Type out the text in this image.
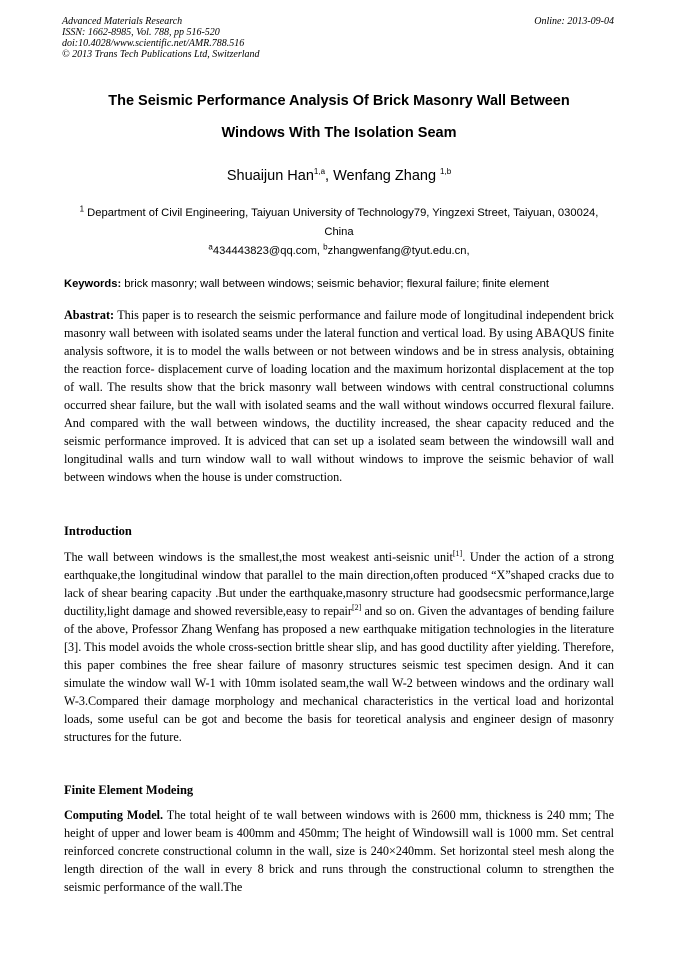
Advanced Materials Research
ISSN: 1662-8985, Vol. 788, pp 516-520
doi:10.4028/www.scientific.net/AMR.788.516
© 2013 Trans Tech Publications Ltd, Switzerland
Online: 2013-09-04
The Seismic Performance Analysis Of Brick Masonry Wall Between
Windows With The Isolation Seam
Shuaijun Han$^{1,a}$, Wenfang Zhang $^{1,b}$
$^1$ Department of Civil Engineering, Taiyuan University of Technology79, Yingzexi Street, Taiyuan, 030024, China
$^a$434443823@qq.com, $^b$zhangwenfang@tyut.edu.cn,
Keywords: brick masonry; wall between windows; seismic behavior; flexural failure; finite element
Abastrat: This paper is to research the seismic performance and failure mode of longitudinal independent brick masonry wall between with isolated seams under the lateral function and vertical load. By using ABAQUS finite analysis softwore, it is to model the walls between or not between windows and be in stress analysis, obtaining the reaction force- displacement curve of loading location and the maximum horizontal displacement at the top of wall. The results show that the brick masonry wall between windows with central constructional columns occurred shear failure, but the wall with isolated seams and the wall without windows occurred flexural failure. And compared with the wall between windows, the ductility increased, the shear capacity reduced and the seismic performance improved. It is adviced that can set up a isolated seam between the windowsill wall and longitudinal walls and turn window wall to wall without windows to improve the seismic behavior of wall between windows when the house is under comstruction.
Introduction
The wall between windows is the smallest,the most weakest anti-seisnic unit[1]. Under the action of a strong earthquake,the longitudinal window that parallel to the main direction,often produced “X”shaped cracks due to lack of shear bearing capacity .But under the earthquake,masonry structure had goodsecsmic performance,large ductility,light damage and showed reversible,easy to repair[2] and so on. Given the advantages of bending failure of the above, Professor Zhang Wenfang has proposed a new earthquake mitigation technologies in the literature [3]. This model avoids the whole cross-section brittle shear slip, and has good ductility after yielding. Therefore, this paper combines the free shear failure of masonry structures seismic test specimen design. And it can simulate the window wall W-1 with 10mm isolated seam,the wall W-2 between windows and the ordinary wall W-3.Compared their damage morphology and mechanical characteristics in the vertical load and horizontal loads, some useful can be got and become the basis for teoretical analysis and engineer design of masonry structures for the future.
Finite Element Modeing
Computing Model. The total height of te wall between windows with is 2600 mm, thickness is 240 mm; The height of upper and lower beam is 400mm and 450mm; The height of Windowsill wall is 1000 mm. Set central reinforced concrete constructional column in the wall, size is 240×240mm. Set horizontal steel mesh along the length direction of the wall in every 8 brick and runs through the constructional column to strengthen the seismic performance of the wall.The
